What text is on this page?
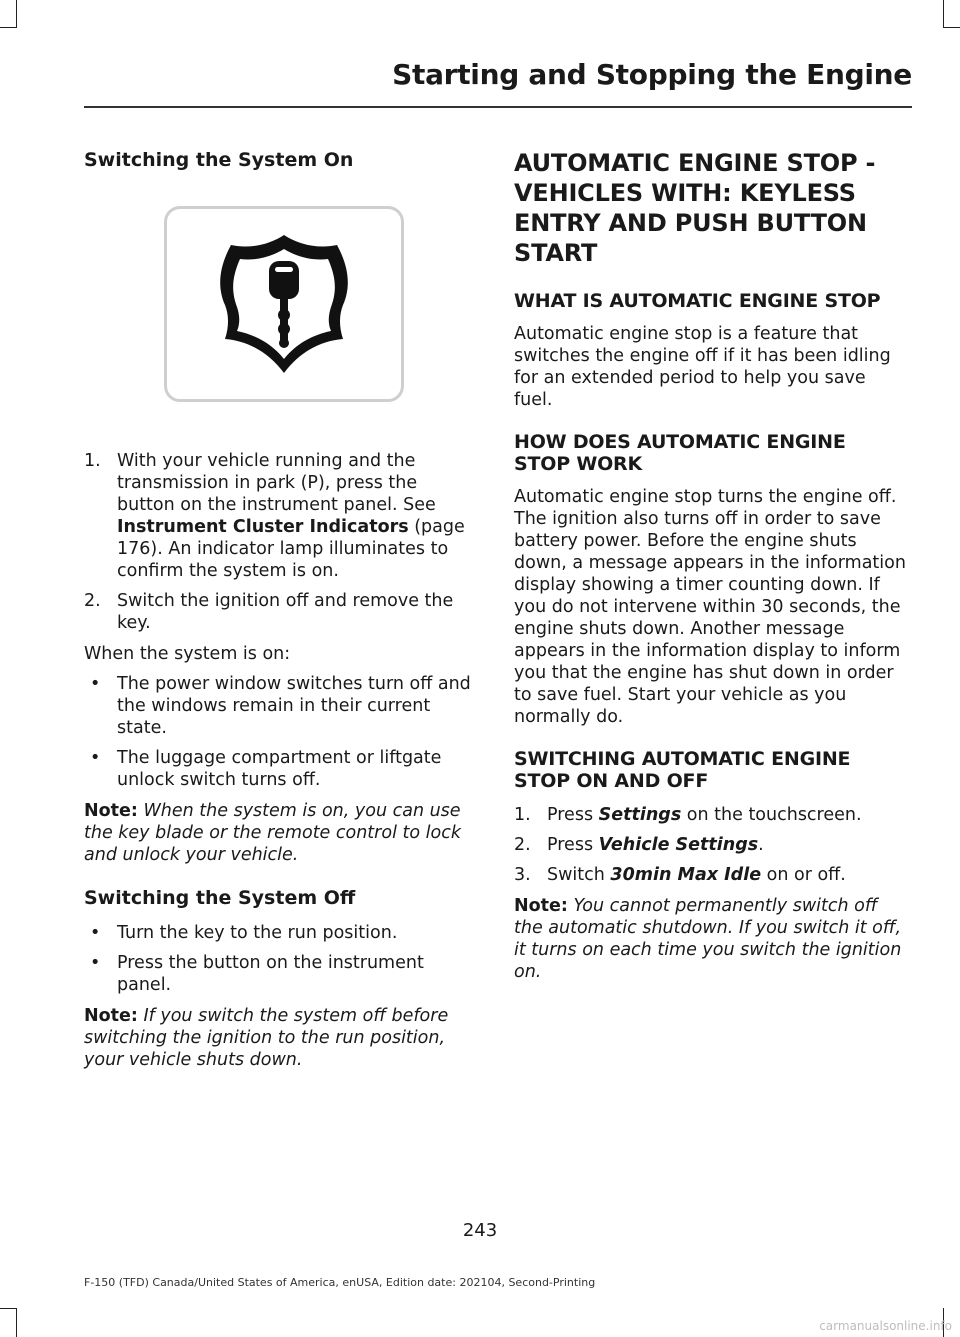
Starting and Stopping the Engine
Switching the System On
1. With your vehicle running and the transmission in park (P), press the button on the instrument panel. See Instrument Cluster Indicators (page 176). An indicator lamp illuminates to confirm the system is on.
2. Switch the ignition off and remove the key.

When the system is on:

• The power window switches turn off and the windows remain in their current state.
• The luggage compartment or liftgate unlock switch turns off.

Note: When the system is on, you can use the key blade or the remote control to lock and unlock your vehicle.

Switching the System Off
• Turn the key to the run position.
• Press the button on the instrument panel.

Note: If you switch the system off before switching the ignition to the run position, your vehicle shuts down.

AUTOMATIC ENGINE STOP -
VEHICLES WITH: KEYLESS
ENTRY AND PUSH BUTTON
START
WHAT IS AUTOMATIC ENGINE STOP

Automatic engine stop is a feature that switches the engine off if it has been idling for an extended period to help you save fuel.

HOW DOES AUTOMATIC ENGINE STOP WORK

Automatic engine stop turns the engine off. The ignition also turns off in order to save battery power. Before the engine shuts down, a message appears in the information display showing a timer counting down. If you do not intervene within 30 seconds, the engine shuts down. Another message appears in the information display to inform you that the engine has shut down in order to save fuel. Start your vehicle as you normally do.

SWITCHING AUTOMATIC ENGINE STOP ON AND OFF
1. Press Settings on the touchscreen.
2. Press Vehicle Settings.
3. Switch 30min Max Idle on or off.

Note: You cannot permanently switch off the automatic shutdown. If you switch it off, it turns on each time you switch the ignition on.

243
F-150 (TFD) Canada/United States of America, enUSA, Edition date: 202104, Second-Printing
carmanualsonline.info
